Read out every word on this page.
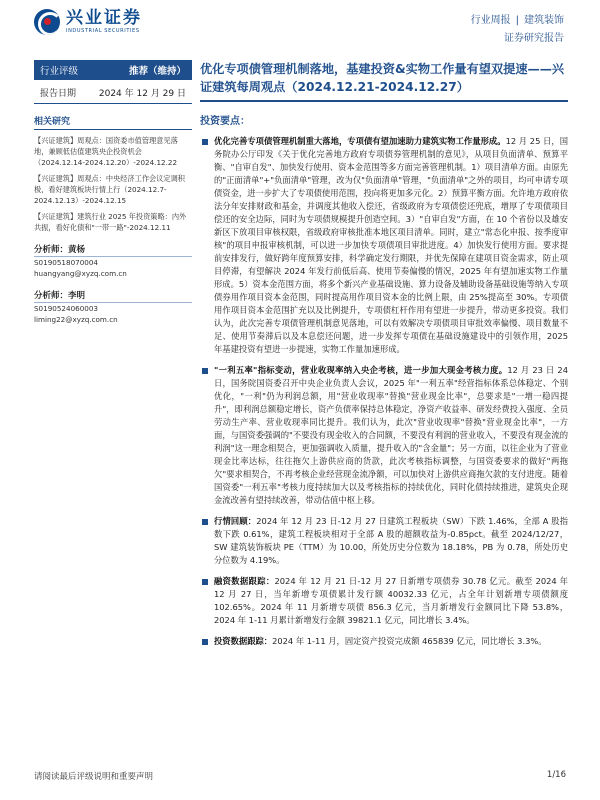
兴业证券
INDUSTRIAL SECURITIES
行业周报 | 建筑装饰
证券研究报告
行业评级	推荐（维持）
报告日期	2024 年 12 月 29 日
相关研究
【兴证建筑】周观点：国资委市值管理意见落地，兼顾低估值建筑央企投资机会（2024.12.14-2024.12.20）-2024.12.22
【兴证建筑】周观点：中央经济工作会议定调积极，看好建筑板块行情上行（2024.12.7-2024.12.13）-2024.12.15
【兴证建筑】建筑行业 2025 年投资策略：内外共振，看好化债和"一带一路"-2024.12.11
分析师：黄杨
S0190518070004
huangyang@xyzq.com.cn
分析师：李明
S0190524060003
liming22@xyzq.com.cn
优化专项债管理机制落地，基建投资&实物工作量有望双提速——兴证建筑每周观点（2024.12.21-2024.12.27）
投资要点：
优化完善专项债管理机制重大落地，专项债有望加速助力建筑实物工作量形成。12 月 25 日，国务院办公厅印发《关于优化完善地方政府专项债券管理机制的意见》，从项目负面清单、预算平衡、"自审自发"、加快发行使用、资本金范围等多方面完善管理机制。1）项目清单方面。由原先的"正面清单"+"负面清单"管理，改为仅"负面清单"管理，"负面清单"之外的项目，均可申请专项债资金，进一步扩大了专项债使用范围，投向将更加多元化。2）预算平衡方面。允许地方政府依法分年安排财政和基金，并调度其他收入偿还，省级政府为专项债偿还兜底，增厚了专项债项目偿还的安全边际，同时为专项债规模提升创造空间。3）"自审自发"方面，在 10 个省份以及雄安新区下放项目审核权限，省级政府审核批准本地区项目清单。同时，建立"常态化申报、按季度审核"的项目申报审核机制，可以进一步加快专项债项目审批进度。4）加快发行使用方面。要求提前安排发行，做好跨年度预算安排，科学确定发行期限，并优先保障在建项目资金需求，防止项目停滞，有望解决 2024 年发行前低后高、使用节奏偏慢的情况，2025 年有望加速实物工作量形成。5）资本金范围方面，将多个新兴产业基础设施、算力设备及辅助设备基础设施等纳入专项债券用作项目资本金范围，同时提高用作项目资本金的比例上限，由 25%提高至 30%。专项债用作项目资本金范围扩充以及比例提升，专项债杠杆作用有望进一步提升，带动更多投资。我们认为，此次完善专项债管理机制意见落地，可以有效解决专项债项目审批效率偏慢、项目数量不足、使用节奏滞后以及本息偿还问题，进一步发挥专项债在基础设施建设中的引领作用，2025 年基建投资有望进一步提速，实物工作量加速形成。
"一利五率"指标变动，营业收现率纳入央企考核，进一步加大现金考核力度。12 月 23 日 24 日，国务院国资委召开中央企业负责人会议，2025 年"一利五率"经营指标体系总体稳定、个别优化，"一利"仍为利润总额，用"营业收现率"替换"营业现金比率"，总要求是"一增一稳四提升"，即利润总额稳定增长，资产负债率保持总体稳定，净资产收益率、研发经费投入强度、全员劳动生产率、营业收现率同比提升。我们认为，此次"营业收现率"替换"营业现金比率"，一方面，与国资委强调的"不要没有现金收入的合同额，不要没有利润的营业收入，不要没有现金流的利润"这一理念相契合，更加强调收入质量，提升收入的"含金量"；另一方面，以往企业为了营业现金比率达标，往往拖欠上游供应商的货款，此次考核指标调整，与国资委要求的做好"两拖欠"要求相契合，不再考核企业经营现金流净额，可以加快对上游供应商拖欠款的支付进度。随着国资委"一利五率"考核力度持续加大以及考核指标的持续优化，同时化债持续推进，建筑央企现金流改善有望持续改善，带动估值中枢上移。
行情回顾：2024 年 12 月 23 日-12 月 27 日建筑工程板块（SW）下跌 1.46%，全部 A 股指数下跌 0.61%，建筑工程板块相对于全部 A 股的超额收益为-0.85pct。截至 2024/12/27，SW 建筑装饰板块 PE（TTM）为 10.00，所处历史分位数为 18.18%，PB 为 0.78，所处历史分位数为 4.19%。
融资数据跟踪：2024 年 12 月 21 日-12 月 27 日新增专项债券 30.78 亿元。截至 2024 年 12 月 27 日，当年新增专项债累计发行额 40032.33 亿元，占全年计划新增专项债额度 102.65%。2024 年 11 月新增专项债 856.3 亿元，当月新增发行金额同比下降 53.8%，2024 年 1-11 月累计新增发行金额 39821.1 亿元，同比增长 3.4%。
投资数据跟踪：2024 年 1-11 月，固定资产投资完成额 465839 亿元，同比增长 3.3%。
请阅读最后评级说明和重要声明	1/16
